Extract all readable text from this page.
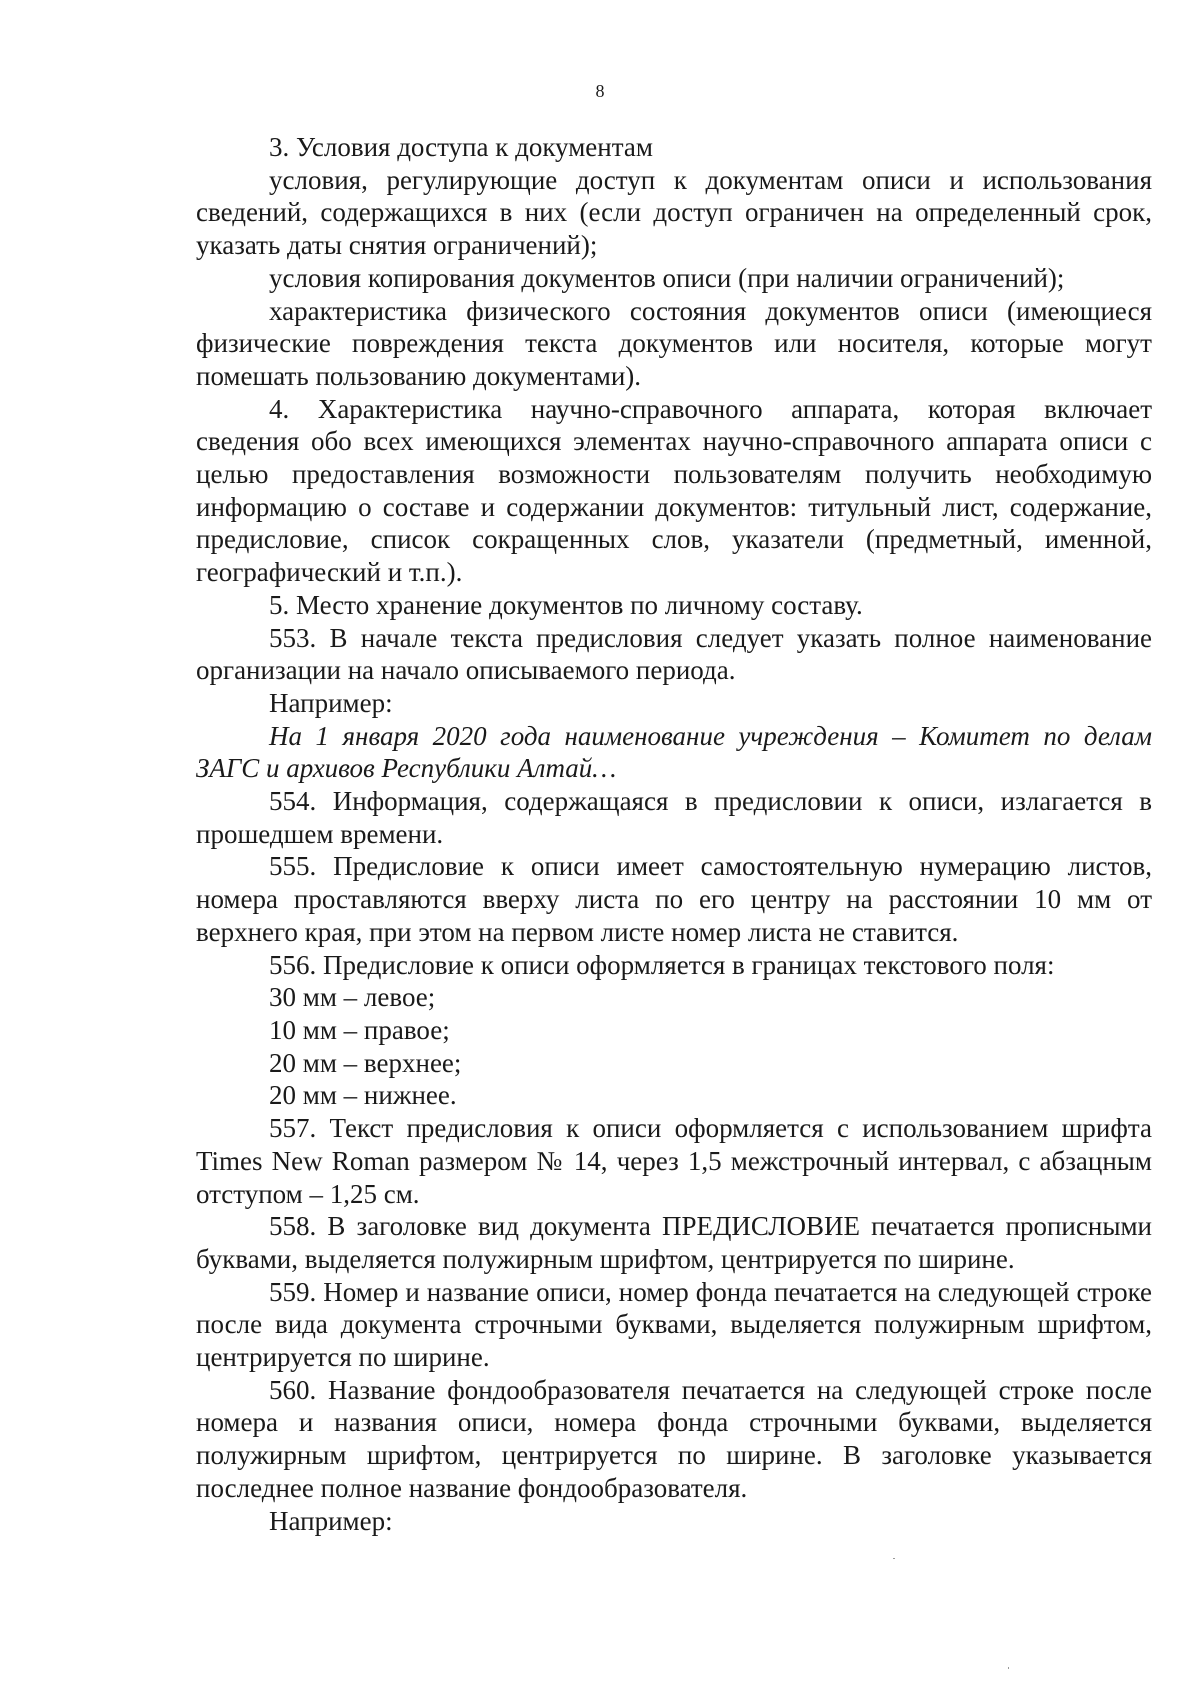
8

3. Условия доступа к документам

условия, регулирующие доступ к документам описи и использования сведений, содержащихся в них (если доступ ограничен на определенный срок, указать даты снятия ограничений);

условия копирования документов описи (при наличии ограничений);

характеристика физического состояния документов описи (имеющиеся физические повреждения текста документов или носителя, которые могут помешать пользованию документами).

4. Характеристика научно-справочного аппарата, которая включает сведения обо всех имеющихся элементах научно-справочного аппарата описи с целью предоставления возможности пользователям получить необходимую информацию о составе и содержании документов: титульный лист, содержание, предисловие, список сокращенных слов, указатели (предметный, именной, географический и т.п.).

5. Место хранение документов по личному составу.

553. В начале текста предисловия следует указать полное наименование организации на начало описываемого периода.

Например:

На 1 января 2020 года наименование учреждения – Комитет по делам ЗАГС и архивов Республики Алтай…

554. Информация, содержащаяся в предисловии к описи, излагается в прошедшем времени.

555. Предисловие к описи имеет самостоятельную нумерацию листов, номера проставляются вверху листа по его центру на расстоянии 10 мм от верхнего края, при этом на первом листе номер листа не ставится.

556. Предисловие к описи оформляется в границах текстового поля:

30 мм – левое;

10 мм – правое;

20 мм – верхнее;

20 мм – нижнее.

557. Текст предисловия к описи оформляется с использованием шрифта Times New Roman размером № 14, через 1,5 межстрочный интервал, с абзацным отступом – 1,25 см.

558. В заголовке вид документа ПРЕДИСЛОВИЕ печатается прописными буквами, выделяется полужирным шрифтом, центрируется по ширине.

559. Номер и название описи, номер фонда печатается на следующей строке после вида документа строчными буквами, выделяется полужирным шрифтом, центрируется по ширине.

560. Название фондообразователя печатается на следующей строке после номера и названия описи, номера фонда строчными буквами, выделяется полужирным шрифтом, центрируется по ширине. В заголовке указывается последнее полное название фондообразователя.

Например:
